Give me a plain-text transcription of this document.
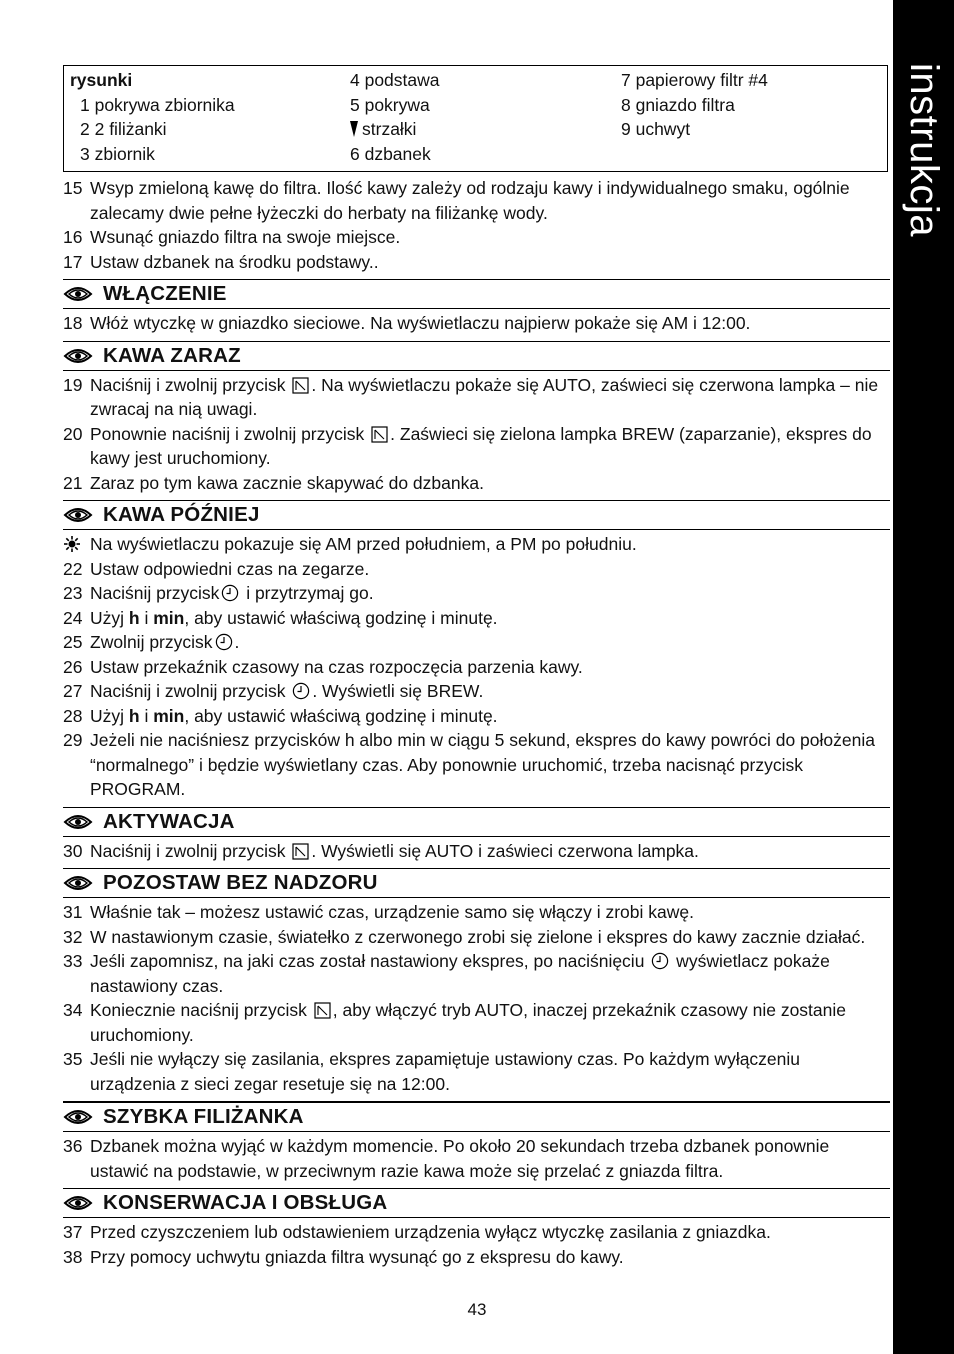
instrukcja
rysunki
1 pokrywa zbiornika
2 2 filiżanki
3 zbiornik
4 podstawa
5 pokrywa
strzałki
6 dzbanek
7 papierowy filtr #4
8 gniazdo filtra
9 uchwyt
15 Wsyp zmieloną kawę do filtra. Ilość kawy zależy od rodzaju kawy i indywidualnego smaku, ogólnie zalecamy dwie pełne łyżeczki do herbaty na filiżankę wody.
16 Wsunąć gniazdo filtra na swoje miejsce.
17 Ustaw dzbanek na środku podstawy..
WŁĄCZENIE
18 Włóż wtyczkę w gniazdko sieciowe. Na wyświetlaczu najpierw pokaże się AM i 12:00.
KAWA ZARAZ
19 Naciśnij i zwolnij przycisk . Na wyświetlaczu pokaże się AUTO, zaświeci się czerwona lampka – nie zwracaj na nią uwagi.
20 Ponownie naciśnij i zwolnij przycisk . Zaświeci się zielona lampka BREW (zaparzanie), ekspres do kawy jest uruchomiony.
21 Zaraz po tym kawa zacznie skapywać do dzbanka.
KAWA PÓŹNIEJ
Na wyświetlaczu pokazuje się AM przed południem, a PM po południu.
22 Ustaw odpowiedni czas na zegarze.
23 Naciśnij przycisk i przytrzymaj go.
24 Użyj h i min, aby ustawić właściwą godzinę i minutę.
25 Zwolnij przycisk .
26 Ustaw przekaźnik czasowy na czas rozpoczęcia parzenia kawy.
27 Naciśnij i zwolnij przycisk . Wyświetli się BREW.
28 Użyj h i min, aby ustawić właściwą godzinę i minutę.
29 Jeżeli nie naciśniesz przycisków h albo min w ciągu 5 sekund, ekspres do kawy powróci do położenia “normalnego” i będzie wyświetlany czas. Aby ponownie uruchomić, trzeba nacisnąć przycisk PROGRAM.
AKTYWACJA
30 Naciśnij i zwolnij przycisk . Wyświetli się AUTO i zaświeci czerwona lampka.
POZOSTAW BEZ NADZORU
31 Właśnie tak – możesz ustawić czas, urządzenie samo się włączy i zrobi kawę.
32 W nastawionym czasie, światełko z czerwonego zrobi się zielone i ekspres do kawy zacznie działać.
33 Jeśli zapomnisz, na jaki czas został nastawiony ekspres, po naciśnięciu  wyświetlacz pokaże nastawiony czas.
34 Koniecznie naciśnij przycisk , aby włączyć tryb AUTO, inaczej przekaźnik czasowy nie zostanie uruchomiony.
35 Jeśli nie wyłączy się zasilania, ekspres zapamiętuje ustawiony czas. Po każdym wyłączeniu urządzenia z sieci zegar resetuje się na 12:00.
SZYBKA FILIŻANKA
36 Dzbanek można wyjąć w każdym momencie. Po około 20 sekundach trzeba dzbanek ponownie ustawić na podstawie, w przeciwnym razie kawa może się przelać z gniazda filtra.
KONSERWACJA I OBSŁUGA
37 Przed czyszczeniem lub odstawieniem urządzenia wyłącz wtyczkę zasilania z gniazdka.
38 Przy pomocy uchwytu gniazda filtra wysunąć go z ekspresu do kawy.
43
